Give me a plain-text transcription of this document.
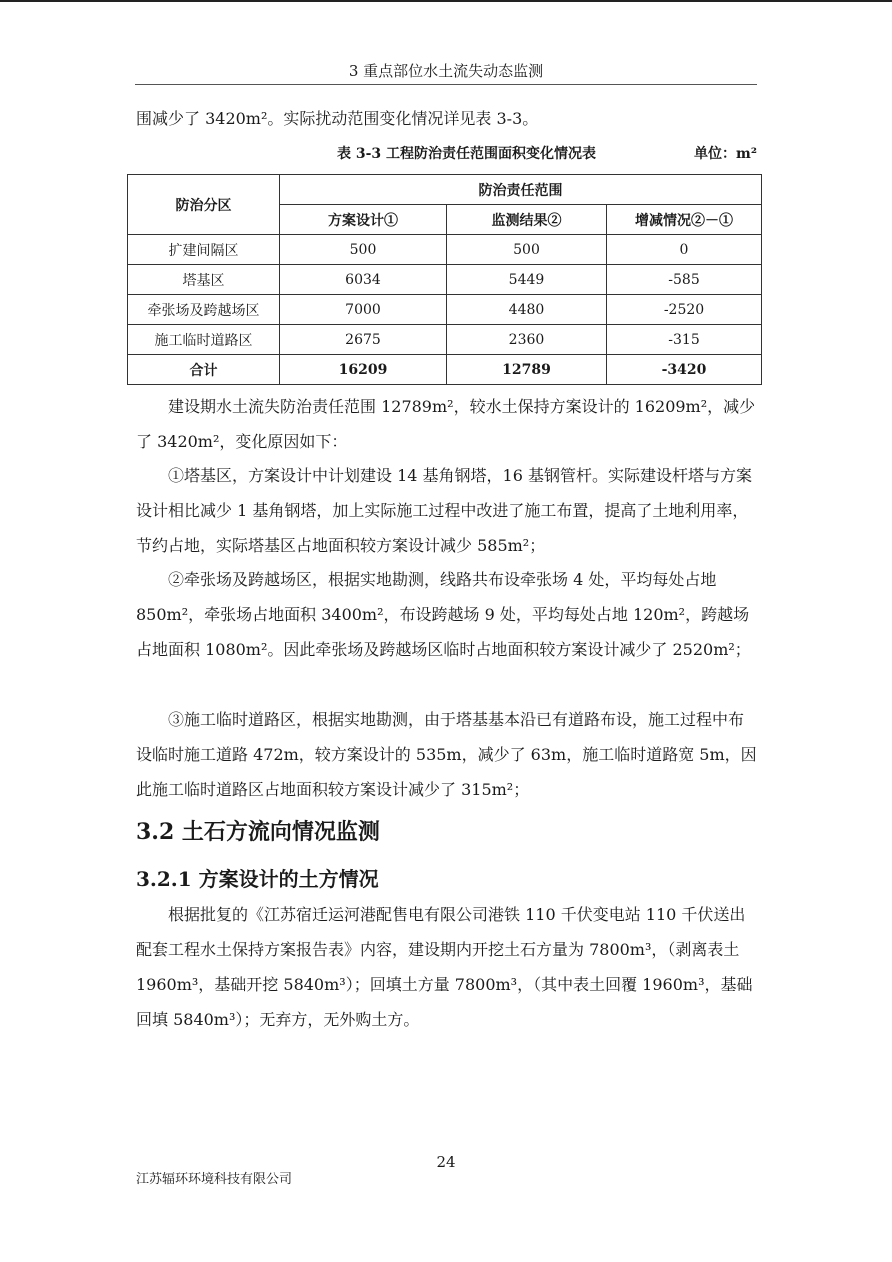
3 重点部位水土流失动态监测

围减少了 3420m²。实际扰动范围变化情况详见表 3-3。

表 3-3 工程防治责任范围面积变化情况表	单位：m²
防治分区	防治责任范围		
	方案设计①	监测结果②	增减情况②－①
扩建间隔区	500	500	0
塔基区	6034	5449	-585
牵张场及跨越场区	7000	4480	-2520
施工临时道路区	2675	2360	-315
合计	16209	12789	-3420

建设期水土流失防治责任范围 12789m²，较水土保持方案设计的 16209m²，减少了 3420m²，变化原因如下：

①塔基区，方案设计中计划建设 14 基角钢塔，16 基钢管杆。实际建设杆塔与方案设计相比减少 1 基角钢塔，加上实际施工过程中改进了施工布置，提高了土地利用率，节约占地，实际塔基区占地面积较方案设计减少 585m²；

②牵张场及跨越场区，根据实地勘测，线路共布设牵张场 4 处，平均每处占地 850m²，牵张场占地面积 3400m²，布设跨越场 9 处，平均每处占地 120m²，跨越场占地面积 1080m²。因此牵张场及跨越场区临时占地面积较方案设计减少了 2520m²；

③施工临时道路区，根据实地勘测，由于塔基基本沿已有道路布设，施工过程中布设临时施工道路 472m，较方案设计的 535m，减少了 63m，施工临时道路宽 5m，因此施工临时道路区占地面积较方案设计减少了 315m²；

3.2 土石方流向情况监测
3.2.1 方案设计的土方情况

根据批复的《江苏宿迁运河港配售电有限公司港铁 110 千伏变电站 110 千伏送出配套工程水土保持方案报告表》内容，建设期内开挖土石方量为 7800m³，（剥离表土 1960m³，基础开挖 5840m³）；回填土方量 7800m³，（其中表土回覆 1960m³，基础回填 5840m³）；无弃方，无外购土方。

24
江苏辐环环境科技有限公司
